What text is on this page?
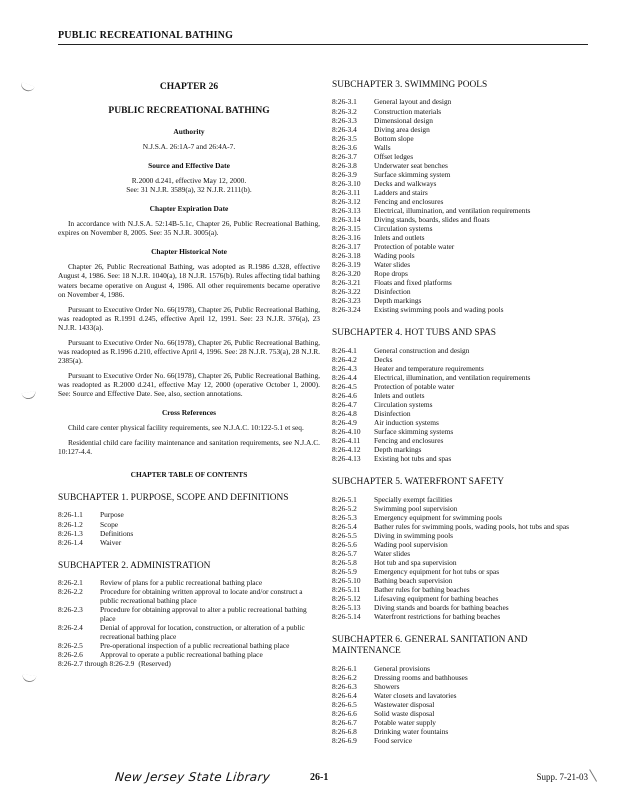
PUBLIC RECREATIONAL BATHING
CHAPTER 26
PUBLIC RECREATIONAL BATHING
Authority

N.J.S.A. 26:1A-7 and 26:4A-7.

Source and Effective Date

R.2000 d.241, effective May 12, 2000.

See: 31 N.J.R. 3589(a), 32 N.J.R. 2111(b).

Chapter Expiration Date

In accordance with N.J.S.A. 52:14B-5.1c, Chapter 26, Public Recreational Bathing, expires on November 8, 2005. See: 35 N.J.R. 3005(a).

Chapter Historical Note

Chapter 26, Public Recreational Bathing, was adopted as R.1986 d.328, effective August 4, 1986. See: 18 N.J.R. 1040(a), 18 N.J.R. 1576(b). Rules affecting tidal bathing waters became operative on August 4, 1986. All other requirements became operative on November 4, 1986.

Pursuant to Executive Order No. 66(1978), Chapter 26, Public Recreational Bathing, was readopted as R.1991 d.245, effective April 12, 1991. See: 23 N.J.R. 376(a), 23 N.J.R. 1433(a).

Pursuant to Executive Order No. 66(1978), Chapter 26, Public Recreational Bathing, was readopted as R.1996 d.210, effective April 4, 1996. See: 28 N.J.R. 753(a), 28 N.J.R. 2385(a).

Pursuant to Executive Order No. 66(1978), Chapter 26, Public Recreational Bathing, was readopted as R.2000 d.241, effective May 12, 2000 (operative October 1, 2000). See: Source and Effective Date. See, also, section annotations.

Cross References

Child care center physical facility requirements, see N.J.A.C. 10:122-5.1 et seq.

Residential child care facility maintenance and sanitation requirements, see N.J.A.C. 10:127-4.4.

CHAPTER TABLE OF CONTENTS
SUBCHAPTER 1. PURPOSE, SCOPE AND DEFINITIONS
8:26-1.1	Purpose
8:26-1.2	Scope
8:26-1.3	Definitions
8:26-1.4	Waiver
SUBCHAPTER 2. ADMINISTRATION
8:26-2.1	Review of plans for a public recreational bathing place
8:26-2.2	Procedure for obtaining written approval to locate and/or construct a public recreational bathing place
8:26-2.3	Procedure for obtaining approval to alter a public recreational bathing place
8:26-2.4	Denial of approval for location, construction, or alteration of a public recreational bathing place
8:26-2.5	Pre-operational inspection of a public recreational bathing place
8:26-2.6	Approval to operate a public recreational bathing place
8:26-2.7 through 8:26-2.9 (Reserved)
SUBCHAPTER 3. SWIMMING POOLS
8:26-3.1	General layout and design
8:26-3.2	Construction materials
8:26-3.3	Dimensional design
8:26-3.4	Diving area design
8:26-3.5	Bottom slope
8:26-3.6	Walls
8:26-3.7	Offset ledges
8:26-3.8	Underwater seat benches
8:26-3.9	Surface skimming system
8:26-3.10	Decks and walkways
8:26-3.11	Ladders and stairs
8:26-3.12	Fencing and enclosures
8:26-3.13	Electrical, illumination, and ventilation requirements
8:26-3.14	Diving stands, boards, slides and floats
8:26-3.15	Circulation systems
8:26-3.16	Inlets and outlets
8:26-3.17	Protection of potable water
8:26-3.18	Wading pools
8:26-3.19	Water slides
8:26-3.20	Rope drops
8:26-3.21	Floats and fixed platforms
8:26-3.22	Disinfection
8:26-3.23	Depth markings
8:26-3.24	Existing swimming pools and wading pools
SUBCHAPTER 4. HOT TUBS AND SPAS
8:26-4.1	General construction and design
8:26-4.2	Decks
8:26-4.3	Heater and temperature requirements
8:26-4.4	Electrical, illumination, and ventilation requirements
8:26-4.5	Protection of potable water
8:26-4.6	Inlets and outlets
8:26-4.7	Circulation systems
8:26-4.8	Disinfection
8:26-4.9	Air induction systems
8:26-4.10	Surface skimming systems
8:26-4.11	Fencing and enclosures
8:26-4.12	Depth markings
8:26-4.13	Existing hot tubs and spas
SUBCHAPTER 5. WATERFRONT SAFETY
8:26-5.1	Specially exempt facilities
8:26-5.2	Swimming pool supervision
8:26-5.3	Emergency equipment for swimming pools
8:26-5.4	Bather rules for swimming pools, wading pools, hot tubs and spas
8:26-5.5	Diving in swimming pools
8:26-5.6	Wading pool supervision
8:26-5.7	Water slides
8:26-5.8	Hot tub and spa supervision
8:26-5.9	Emergency equipment for hot tubs or spas
8:26-5.10	Bathing beach supervision
8:26-5.11	Bather rules for bathing beaches
8:26-5.12	Lifesaving equipment for bathing beaches
8:26-5.13	Diving stands and boards for bathing beaches
8:26-5.14	Waterfront restrictions for bathing beaches
SUBCHAPTER 6. GENERAL SANITATION AND MAINTENANCE
8:26-6.1	General provisions
8:26-6.2	Dressing rooms and bathhouses
8:26-6.3	Showers
8:26-6.4	Water closets and lavatories
8:26-6.5	Wastewater disposal
8:26-6.6	Solid waste disposal
8:26-6.7	Potable water supply
8:26-6.8	Drinking water fountains
8:26-6.9	Food service
New Jersey State Library	26-1	Supp. 7-21-03
